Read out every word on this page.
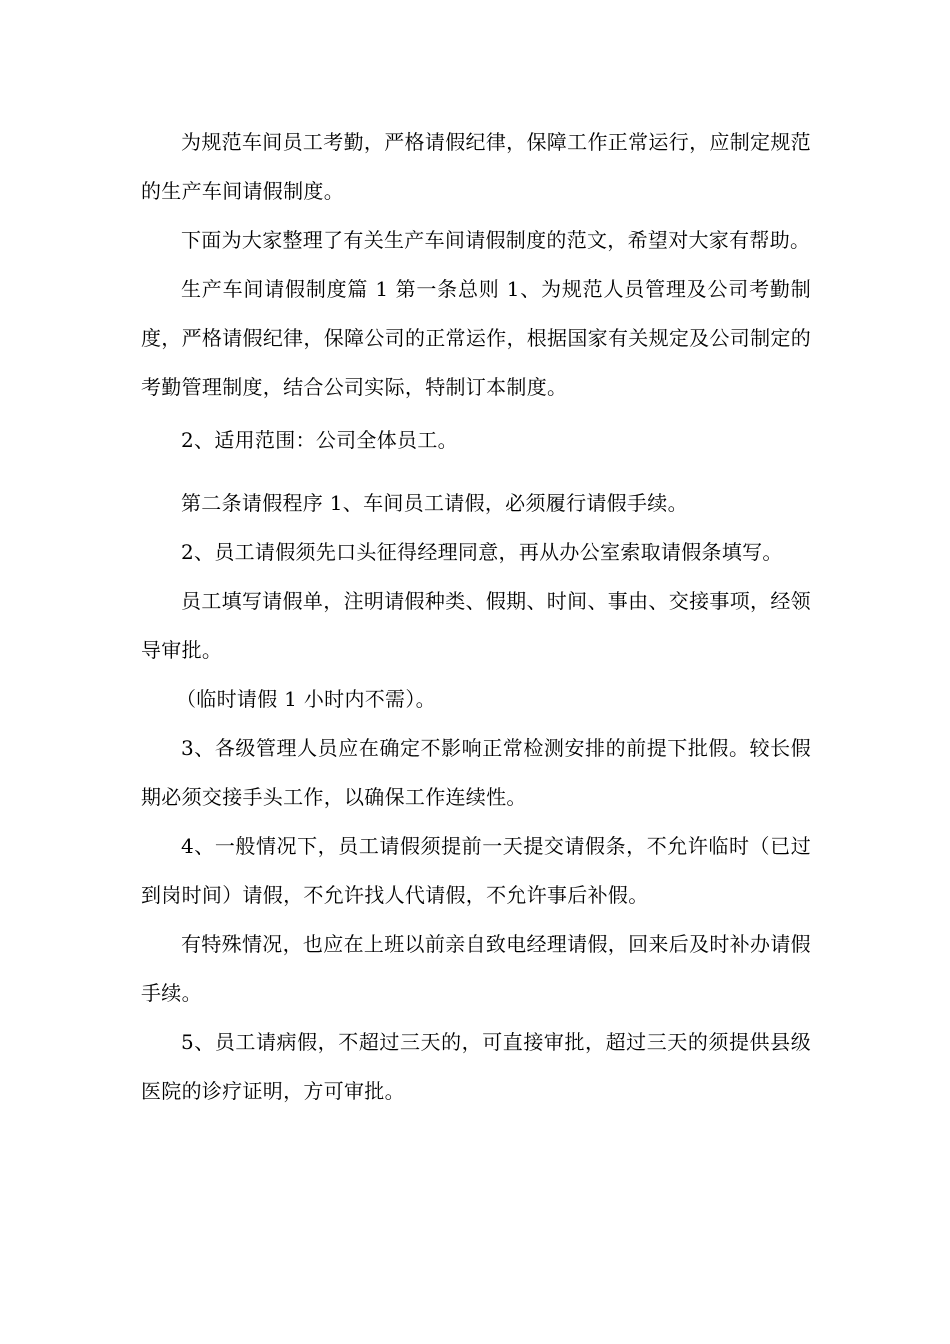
为规范车间员工考勤，严格请假纪律，保障工作正常运行，应制定规范的生产车间请假制度。

下面为大家整理了有关生产车间请假制度的范文，希望对大家有帮助。

生产车间请假制度篇 1 第一条总则 1、为规范人员管理及公司考勤制度，严格请假纪律，保障公司的正常运作，根据国家有关规定及公司制定的考勤管理制度，结合公司实际，特制订本制度。

2、适用范围：公司全体员工。

第二条请假程序 1、车间员工请假，必须履行请假手续。

2、员工请假须先口头征得经理同意，再从办公室索取请假条填写。

员工填写请假单，注明请假种类、假期、时间、事由、交接事项，经领导审批。

（临时请假 1 小时内不需）。

3、各级管理人员应在确定不影响正常检测安排的前提下批假。较长假期必须交接手头工作，以确保工作连续性。

4、一般情况下，员工请假须提前一天提交请假条，不允许临时（已过到岗时间）请假，不允许找人代请假，不允许事后补假。

有特殊情况，也应在上班以前亲自致电经理请假，回来后及时补办请假手续。

5、员工请病假，不超过三天的，可直接审批，超过三天的须提供县级医院的诊疗证明，方可审批。
